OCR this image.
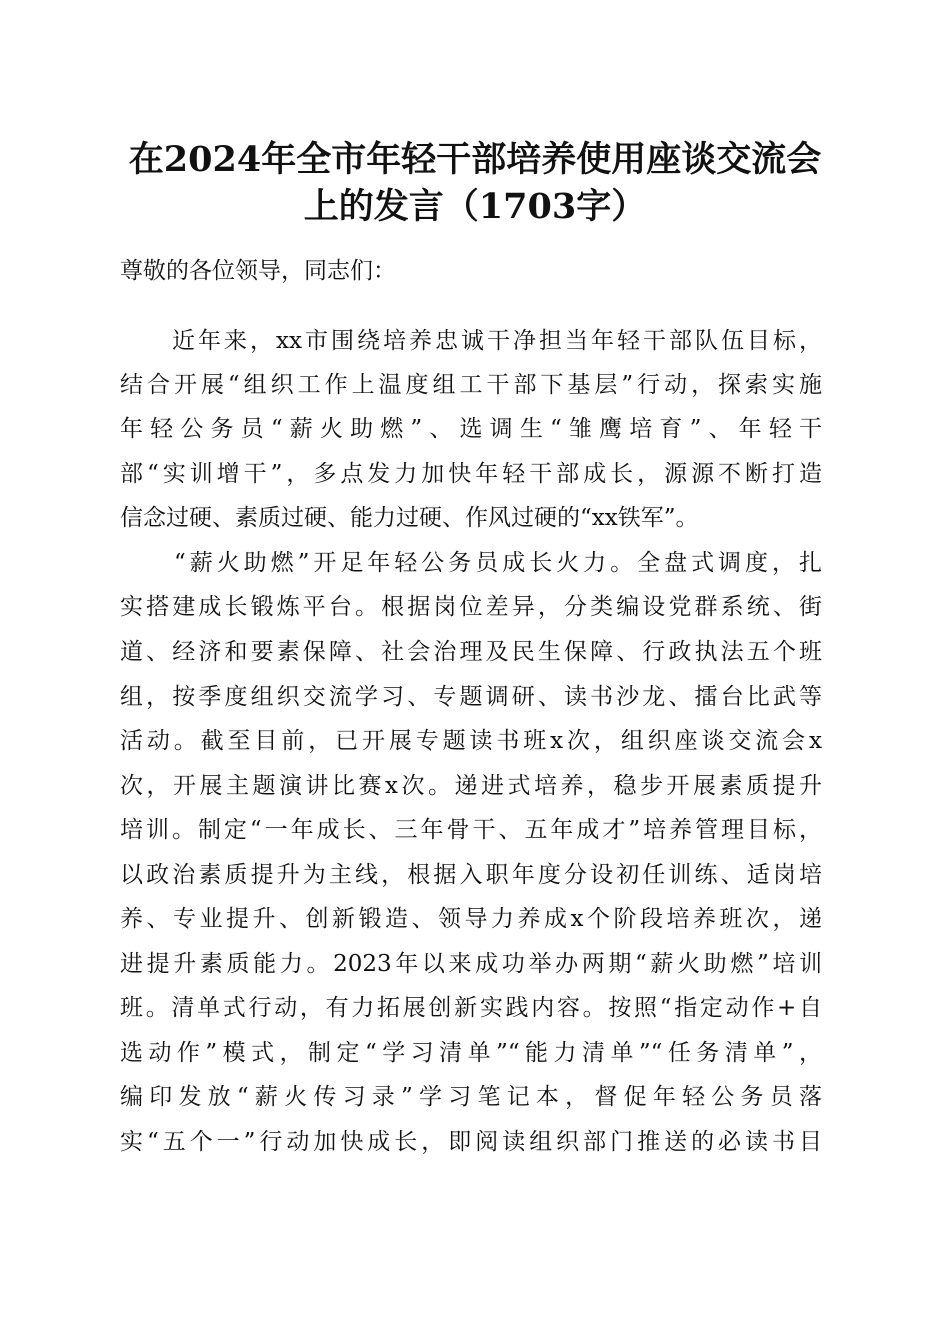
在2024年全市年轻干部培养使用座谈交流会
上的发言（1703字）
尊敬的各位领导，同志们：
　　近年来，xx市围绕培养忠诚干净担当年轻干部队伍目标，
结合开展“组织工作上温度组工干部下基层”行动，探索实施
年轻公务员“薪火助燃”、选调生“雏鹰培育”、年轻干
部“实训增干”，多点发力加快年轻干部成长，源源不断打造
信念过硬、素质过硬、能力过硬、作风过硬的“xx铁军”。
　　“薪火助燃”开足年轻公务员成长火力。全盘式调度，扎
实搭建成长锻炼平台。根据岗位差异，分类编设党群系统、街
道、经济和要素保障、社会治理及民生保障、行政执法五个班
组，按季度组织交流学习、专题调研、读书沙龙、擂台比武等
活动。截至目前，已开展专题读书班x次，组织座谈交流会x
次，开展主题演讲比赛x次。递进式培养，稳步开展素质提升
培训。制定“一年成长、三年骨干、五年成才”培养管理目标，
以政治素质提升为主线，根据入职年度分设初任训练、适岗培
养、专业提升、创新锻造、领导力养成x个阶段培养班次，递
进提升素质能力。2023年以来成功举办两期“薪火助燃”培训
班。清单式行动，有力拓展创新实践内容。按照“指定动作+自
选动作”模式，制定“学习清单”“能力清单”“任务清单”，
编印发放“薪火传习录”学习笔记本，督促年轻公务员落
实“五个一”行动加快成长，即阅读组织部门推送的必读书目
